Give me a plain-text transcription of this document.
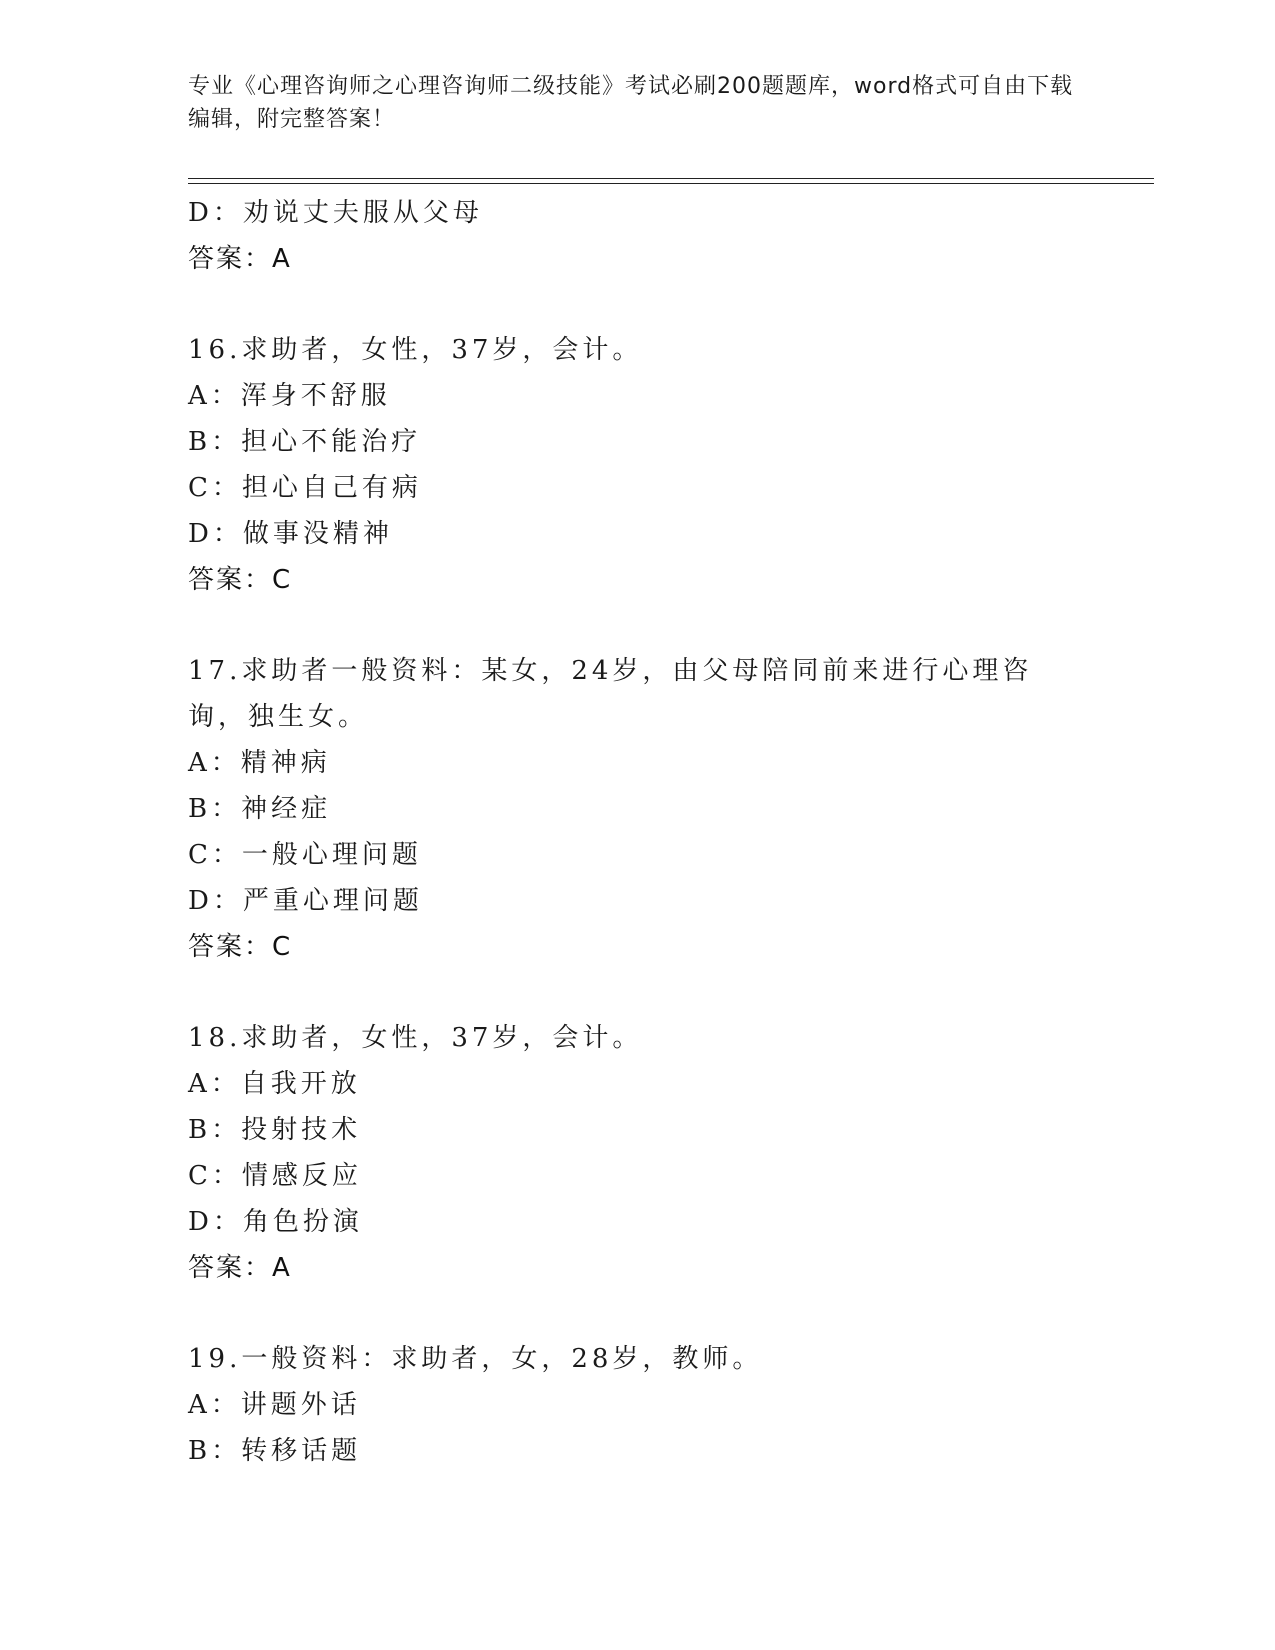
专业《心理咨询师之心理咨询师二级技能》考试必刷200题题库，word格式可自由下载编辑，附完整答案！
D：劝说丈夫服从父母
答案：A
16.求助者，女性，37岁，会计。
A：浑身不舒服
B：担心不能治疗
C：担心自己有病
D：做事没精神
答案：C
17.求助者一般资料：某女，24岁，由父母陪同前来进行心理咨询，独生女。
A：精神病
B：神经症
C：一般心理问题
D：严重心理问题
答案：C
18.求助者，女性，37岁，会计。
A：自我开放
B：投射技术
C：情感反应
D：角色扮演
答案：A
19.一般资料：求助者，女，28岁，教师。
A：讲题外话
B：转移话题
